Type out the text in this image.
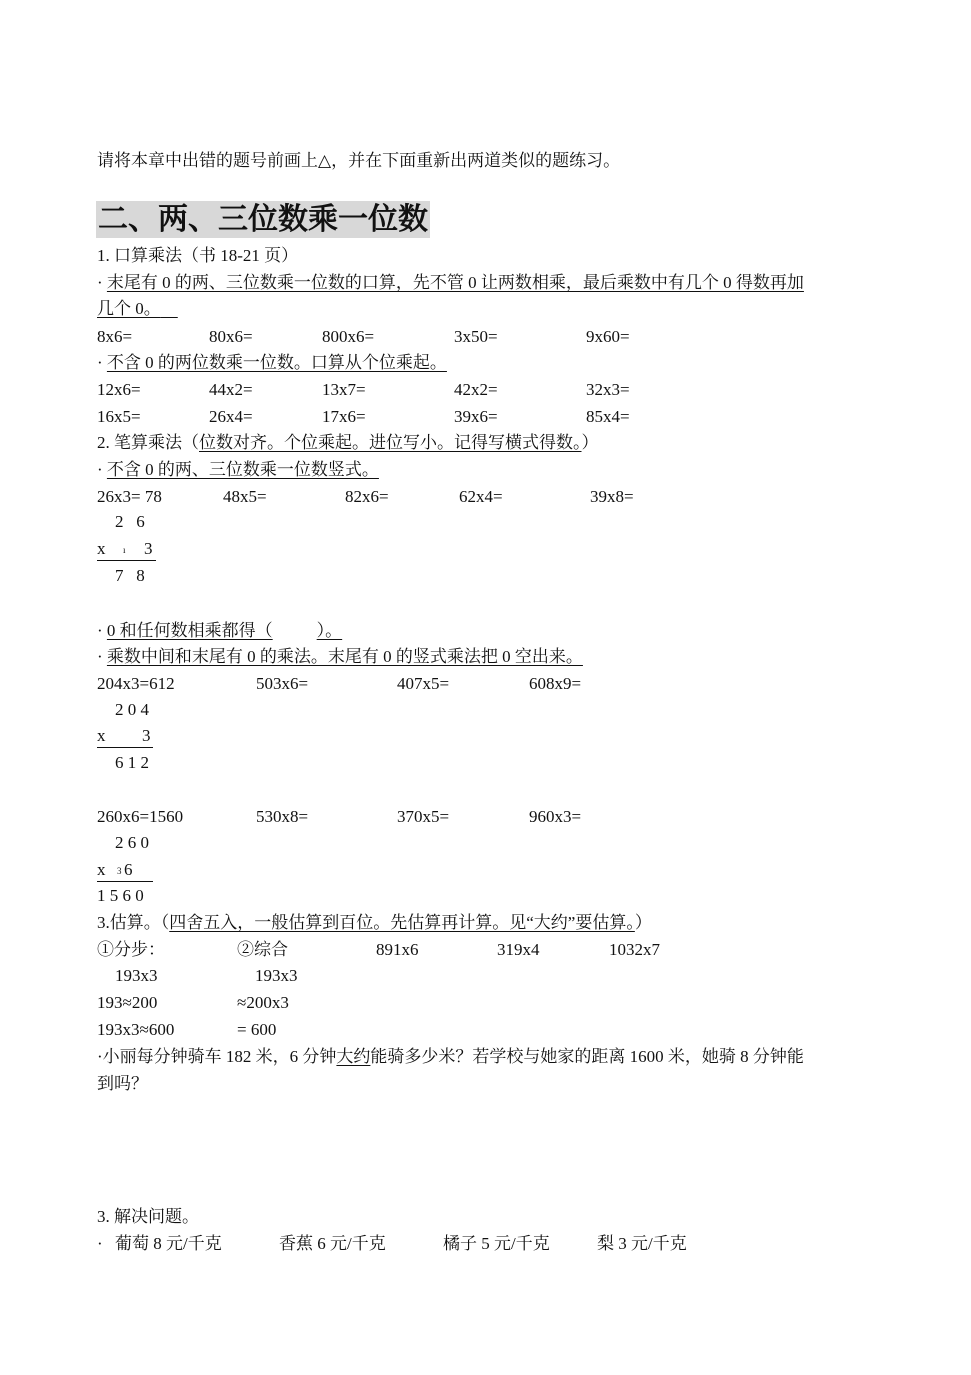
请将本章中出错的题号前画上△，并在下面重新出两道类似的题练习。
二、两、三位数乘一位数
1. 口算乘法（书 18-21 页）
· 末尾有 0 的两、三位数乘一位数的口算，先不管 0 让两数相乘，最后乘数中有几个 0 得数再加
几个 0。
8x6=	80x6=	800x6=	3x50=	9x60=
· 不含 0 的两位数乘一位数。口算从个位乘起。
12x6=	44x2=	13x7=	42x2=	32x3=
16x5=	26x4=	17x6=	39x6=	85x4=
2. 笔算乘法（位数对齐。个位乘起。进位写小。记得写横式得数。）
· 不含 0 的两、三位数乘一位数竖式。
26x3= 78	48x5=	82x6=	62x4=	39x8=
2   6
x ı 3
7   8
· 0 和任何数相乘都得（	）。
· 乘数中间和末尾有 0 的乘法。末尾有 0 的竖式乘法把 0 空出来。
204x3=612	503x6=	407x5=	608x9=
2 0 4
x 3
6 1 2
260x6=1560	530x8=	370x5=	960x3=
2 6 0
x 3 6
1 5 6 0
3.估算。（四舍五入，一般估算到百位。先估算再计算。见“大约”要估算。）
①分步：	②综合	891x6	319x4	1032x7
193x3	193x3
193≈200	≈200x3
193x3≈600	= 600
·小丽每分钟骑车 182 米，6 分钟大约能骑多少米？若学校与她家的距离 1600 米，她骑 8 分钟能
到吗？
3. 解决问题。
· 葡萄 8 元/千克	香蕉 6 元/千克	橘子 5 元/千克	梨 3 元/千克
